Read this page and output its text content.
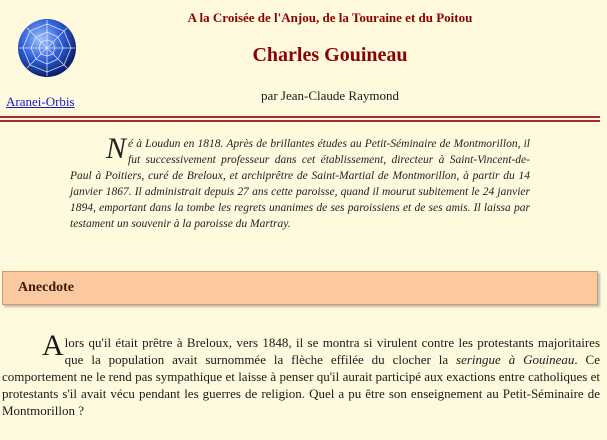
Aranei-Orbis
A la Croisée de l'Anjou, de la Touraine et du Poitou
Charles Gouineau
par Jean-Claude Raymond
Né à Loudun en 1818. Après de brillantes études au Petit-Séminaire de Montmorillon, il fut successivement professeur dans cet établissement, directeur à Saint-Vincent-de-Paul à Poitiers, curé de Breloux, et archiprêtre de Saint-Martial de Montmorillon, à partir du 14 janvier 1867. Il administrait depuis 27 ans cette paroisse, quand il mourut subitement le 24 janvier 1894, emportant dans la tombe les regrets unanimes de ses paroissiens et de ses amis. Il laissa par testament un souvenir à la paroisse du Martray.
Anecdote
Alors qu'il était prêtre à Breloux, vers 1848, il se montra si virulent contre les protestants majoritaires que la population avait surnommée la flèche effilée du clocher la seringue à Gouineau. Ce comportement ne le rend pas sympathique et laisse à penser qu'il aurait participé aux exactions entre catholiques et protestants s'il avait vécu pendant les guerres de religion. Quel a pu être son enseignement au Petit-Séminaire de Montmorillon ?
